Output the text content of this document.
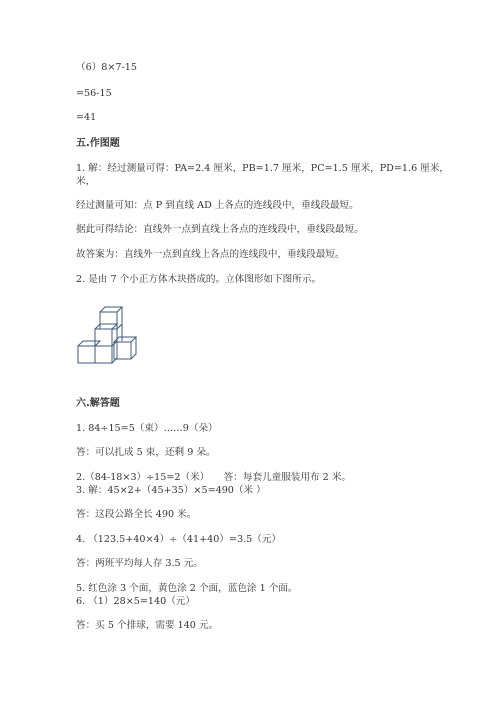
（6）8×7-15
=56-15
=41
五.作图题
1. 解：经过测量可得：PA=2.4 厘米，PB=1.7 厘米，PC=1.5 厘米，PD=1.6 厘米，
米，
经过测量可知：点 P 到直线 AD 上各点的连线段中，垂线段最短。
据此可得结论：直线外一点到直线上各点的连线段中，垂线段最短。
故答案为：直线外一点到直线上各点的连线段中，垂线段最短。
2. 是由 7 个小正方体木块搭成的。立体图形如下图所示。
六.解答题
1. 84÷15=5（束）……9（朵）
答：可以扎成 5 束，还剩 9 朵。
2.（84-18×3）÷15=2（米）　　答：每套儿童服装用布 2 米。
3. 解：45×2+（45+35）×5=490（米 ）
答：这段公路全长 490 米。
4. （123.5+40×4）÷（41+40）=3.5（元）
答：两班平均每人存 3.5 元。
5. 红色涂 3 个面，黄色涂 2 个面，蓝色涂 1 个面。
6. （1）28×5=140（元）
答：买 5 个排球，需要 140 元。
